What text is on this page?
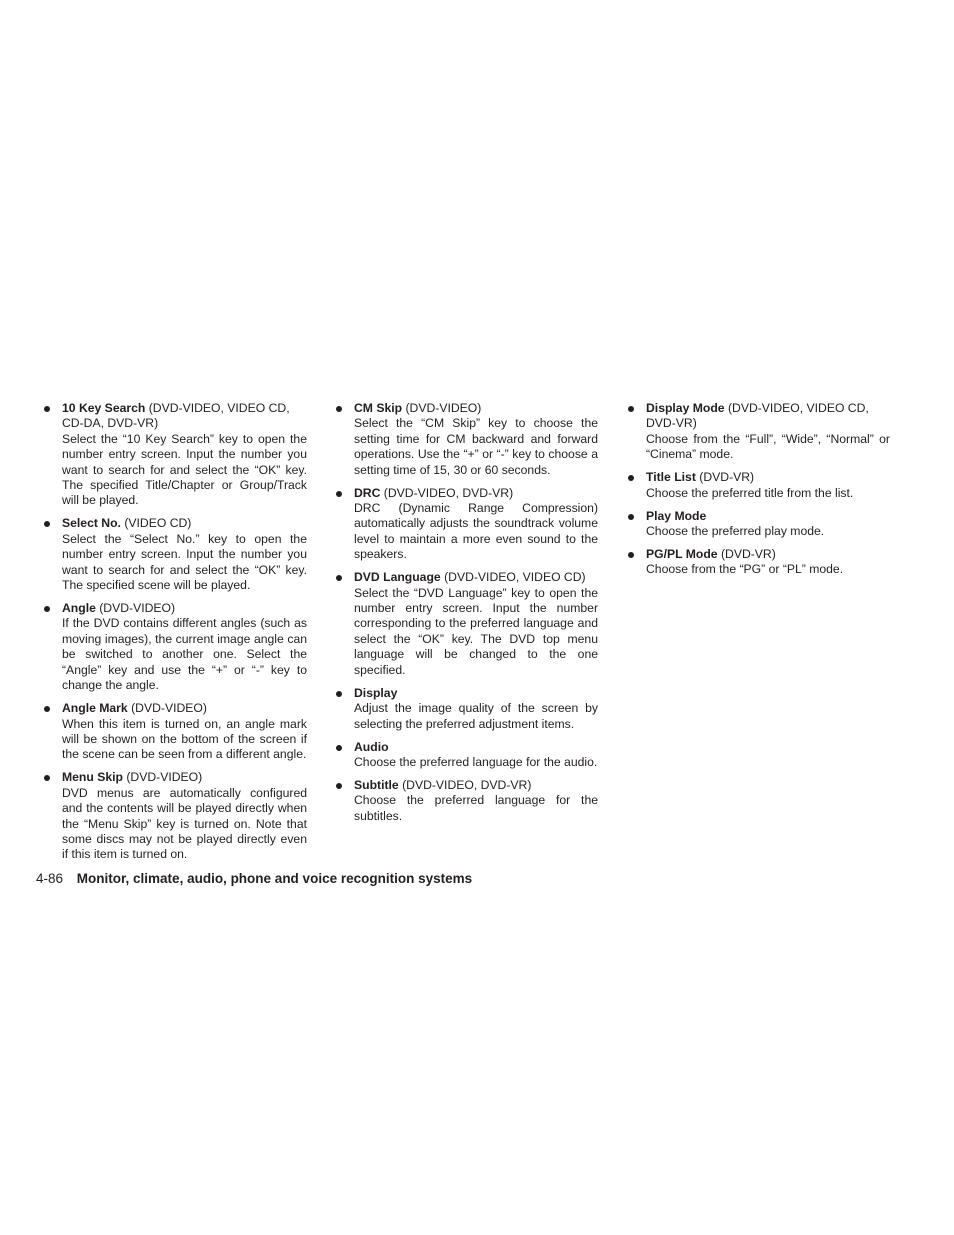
10 Key Search (DVD-VIDEO, VIDEO CD, CD-DA, DVD-VR)
Select the “10 Key Search” key to open the number entry screen. Input the number you want to search for and select the “OK” key. The specified Title/Chapter or Group/Track will be played.
Select No. (VIDEO CD)
Select the “Select No.” key to open the number entry screen. Input the number you want to search for and select the “OK” key. The specified scene will be played.
Angle (DVD-VIDEO)
If the DVD contains different angles (such as moving images), the current image angle can be switched to another one. Select the “Angle” key and use the “+” or “-” key to change the angle.
Angle Mark (DVD-VIDEO)
When this item is turned on, an angle mark will be shown on the bottom of the screen if the scene can be seen from a different angle.
Menu Skip (DVD-VIDEO)
DVD menus are automatically configured and the contents will be played directly when the “Menu Skip” key is turned on. Note that some discs may not be played directly even if this item is turned on.
CM Skip (DVD-VIDEO)
Select the “CM Skip” key to choose the setting time for CM backward and forward operations. Use the “+” or “-” key to choose a setting time of 15, 30 or 60 seconds.
DRC (DVD-VIDEO, DVD-VR)
DRC (Dynamic Range Compression) automatically adjusts the soundtrack volume level to maintain a more even sound to the speakers.
DVD Language (DVD-VIDEO, VIDEO CD)
Select the “DVD Language” key to open the number entry screen. Input the number corresponding to the preferred language and select the “OK” key. The DVD top menu language will be changed to the one specified.
Display
Adjust the image quality of the screen by selecting the preferred adjustment items.
Audio
Choose the preferred language for the audio.
Subtitle (DVD-VIDEO, DVD-VR)
Choose the preferred language for the subtitles.
Display Mode (DVD-VIDEO, VIDEO CD, DVD-VR)
Choose from the “Full”, “Wide”, “Normal” or “Cinema” mode.
Title List (DVD-VR)
Choose the preferred title from the list.
Play Mode
Choose the preferred play mode.
PG/PL Mode (DVD-VR)
Choose from the “PG” or “PL” mode.
4-86 Monitor, climate, audio, phone and voice recognition systems
